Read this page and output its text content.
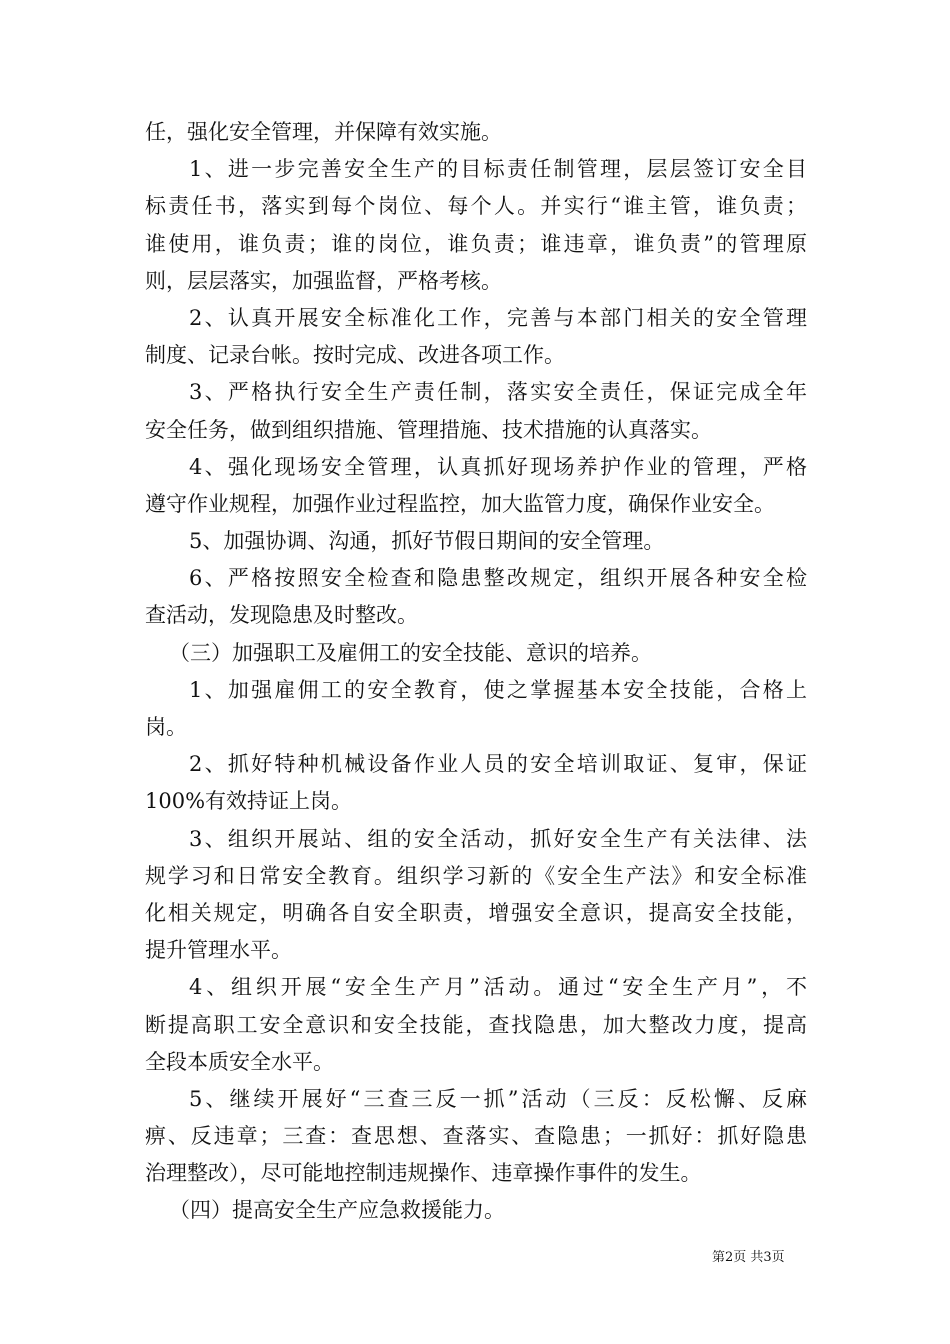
任，强化安全管理，并保障有效实施。
1、进一步完善安全生产的目标责任制管理，层层签订安全目
标责任书，落实到每个岗位、每个人。并实行“谁主管，谁负责；
谁使用，谁负责；谁的岗位，谁负责；谁违章，谁负责”的管理原
则，层层落实，加强监督，严格考核。
2、认真开展安全标准化工作，完善与本部门相关的安全管理
制度、记录台帐。按时完成、改进各项工作。
3、严格执行安全生产责任制，落实安全责任，保证完成全年
安全任务，做到组织措施、管理措施、技术措施的认真落实。
4、强化现场安全管理，认真抓好现场养护作业的管理，严格
遵守作业规程，加强作业过程监控，加大监管力度，确保作业安全。
5、加强协调、沟通，抓好节假日期间的安全管理。
6、严格按照安全检查和隐患整改规定，组织开展各种安全检
查活动，发现隐患及时整改。
（三）加强职工及雇佣工的安全技能、意识的培养。
1、加强雇佣工的安全教育，使之掌握基本安全技能，合格上
岗。
2、抓好特种机械设备作业人员的安全培训取证、复审，保证
100%有效持证上岗。
3、组织开展站、组的安全活动，抓好安全生产有关法律、法
规学习和日常安全教育。组织学习新的《安全生产法》和安全标准
化相关规定，明确各自安全职责，增强安全意识，提高安全技能，
提升管理水平。
4、组织开展“安全生产月”活动。通过“安全生产月”，不
断提高职工安全意识和安全技能，查找隐患，加大整改力度，提高
全段本质安全水平。
5、继续开展好“三查三反一抓”活动（三反：反松懈、反麻
痹、反违章；三查：查思想、查落实、查隐患；一抓好：抓好隐患
治理整改），尽可能地控制违规操作、违章操作事件的发生。
（四）提高安全生产应急救援能力。
第2页 共3页
